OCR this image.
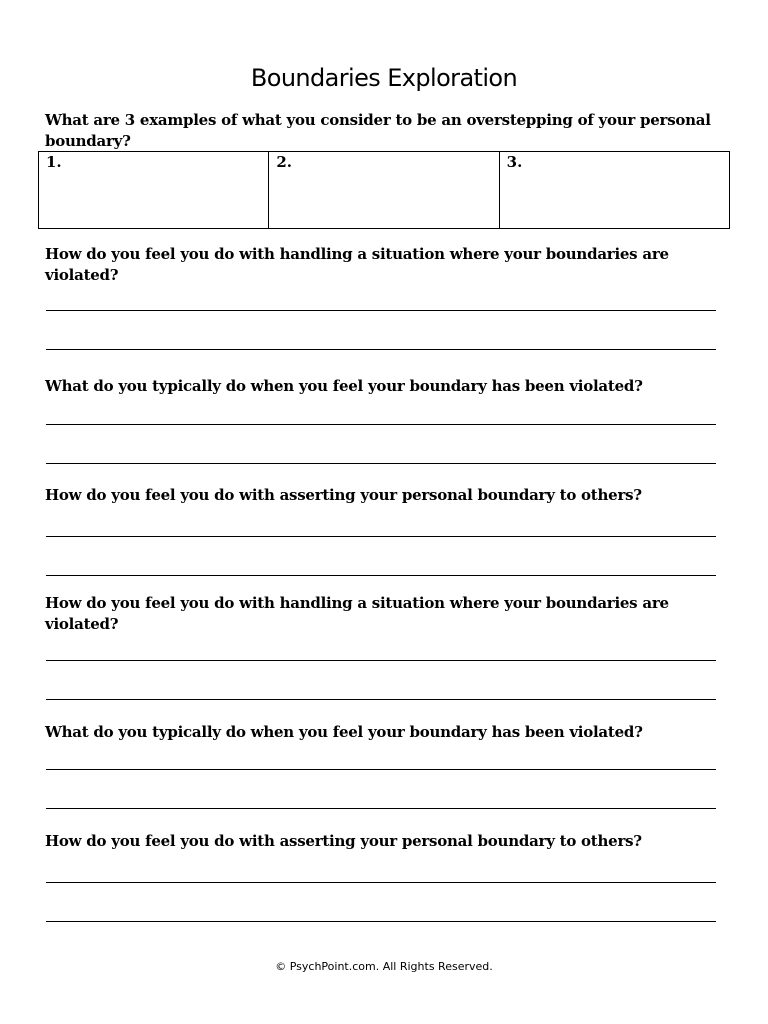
Boundaries Exploration
What are 3 examples of what you consider to be an overstepping of your personal boundary?
1.	2.	3.
How do you feel you do with handling a situation where your boundaries are violated?
What do you typically do when you feel your boundary has been violated?
How do you feel you do with asserting your personal boundary to others?
How do you feel you do with handling a situation where your boundaries are violated?
What do you typically do when you feel your boundary has been violated?
How do you feel you do with asserting your personal boundary to others?
© PsychPoint.com. All Rights Reserved.
